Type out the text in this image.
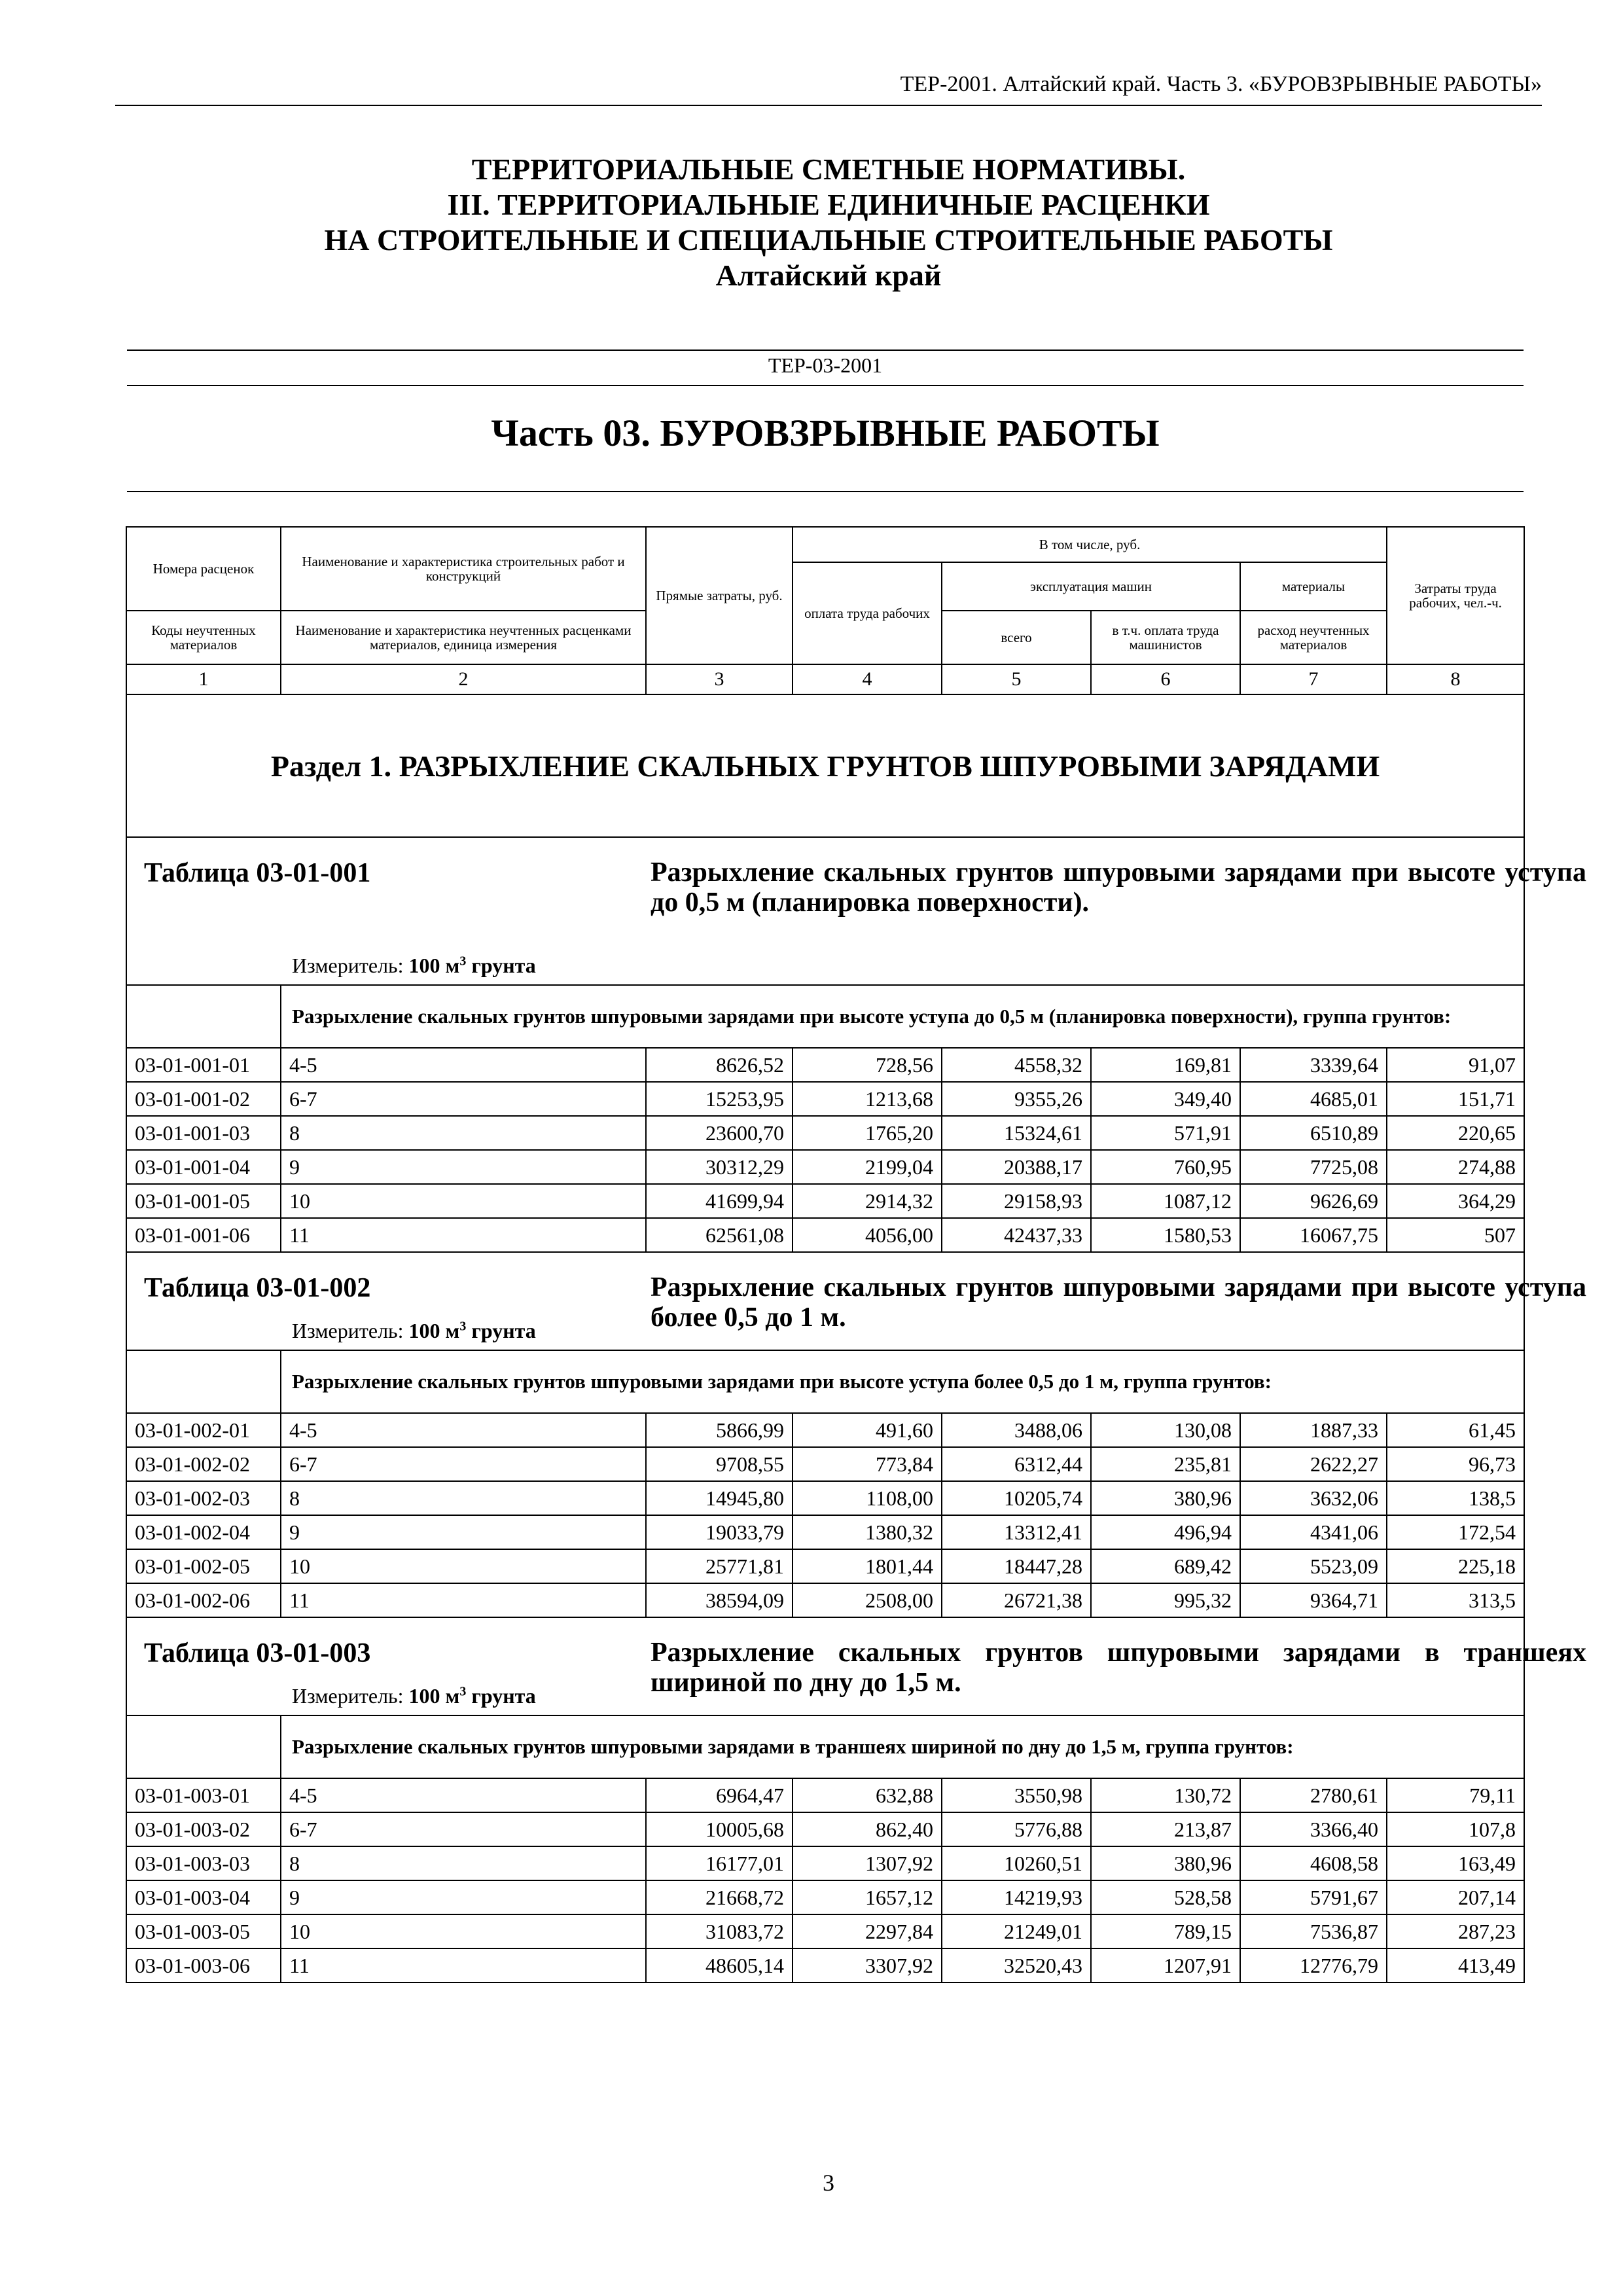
ТЕР-2001. Алтайский край. Часть 3. «БУРОВЗРЫВНЫЕ РАБОТЫ»
ТЕРРИТОРИАЛЬНЫЕ СМЕТНЫЕ НОРМАТИВЫ.
III. ТЕРРИТОРИАЛЬНЫЕ ЕДИНИЧНЫЕ РАСЦЕНКИ
НА СТРОИТЕЛЬНЫЕ И СПЕЦИАЛЬНЫЕ СТРОИТЕЛЬНЫЕ РАБОТЫ
Алтайский край
ТЕР-03-2001
Часть 03. БУРОВЗРЫВНЫЕ РАБОТЫ
Номера расценок	Наименование и характеристика строительных работ и конструкций	Прямые затраты, руб.	В том числе, руб.				Затраты труда рабочих, чел.-ч.
			оплата труда рабочих	эксплуатация машин		материалы	
Коды неучтенных материалов	Наименование и характеристика неучтенных расценками материалов, единица измерения			всего	в т.ч. оплата труда машинистов	расход неучтенных материалов	
1	2	3	4	5	6	7	8
Раздел 1. РАЗРЫХЛЕНИЕ СКАЛЬНЫХ ГРУНТОВ ШПУРОВЫМИ ЗАРЯДАМИ							

Таблица 03-01-001 Разрыхление скальных грунтов шпуровыми зарядами при высоте уступа до 0,5 м (планировка поверхности).
Измеритель: 100 $м^3$ грунта							

	Разрыхление скальных грунтов шпуровыми зарядами при высоте уступа до 0,5 м (планировка поверхности), группа грунтов:						
03-01-001-01	4-5	8626,52	728,56	4558,32	169,81	3339,64	91,07
03-01-001-02	6-7	15253,95	1213,68	9355,26	349,40	4685,01	151,71
03-01-001-03	8	23600,70	1765,20	15324,61	571,91	6510,89	220,65
03-01-001-04	9	30312,29	2199,04	20388,17	760,95	7725,08	274,88
03-01-001-05	10	41699,94	2914,32	29158,93	1087,12	9626,69	364,29
03-01-001-06	11	62561,08	4056,00	42437,33	1580,53	16067,75	507

Таблица 03-01-002 Разрыхление скальных грунтов шпуровыми зарядами при высоте уступа более 0,5 до 1 м.
Измеритель: 100 $м^3$ грунта							

	Разрыхление скальных грунтов шпуровыми зарядами при высоте уступа более 0,5 до 1 м, группа грунтов:						
03-01-002-01	4-5	5866,99	491,60	3488,06	130,08	1887,33	61,45
03-01-002-02	6-7	9708,55	773,84	6312,44	235,81	2622,27	96,73
03-01-002-03	8	14945,80	1108,00	10205,74	380,96	3632,06	138,5
03-01-002-04	9	19033,79	1380,32	13312,41	496,94	4341,06	172,54
03-01-002-05	10	25771,81	1801,44	18447,28	689,42	5523,09	225,18
03-01-002-06	11	38594,09	2508,00	26721,38	995,32	9364,71	313,5

Таблица 03-01-003 Разрыхление скальных грунтов шпуровыми зарядами в траншеях шириной по дну до 1,5 м.
Измеритель: 100 $м^3$ грунта							

	Разрыхление скальных грунтов шпуровыми зарядами в траншеях шириной по дну до 1,5 м, группа грунтов:						
03-01-003-01	4-5	6964,47	632,88	3550,98	130,72	2780,61	79,11
03-01-003-02	6-7	10005,68	862,40	5776,88	213,87	3366,40	107,8
03-01-003-03	8	16177,01	1307,92	10260,51	380,96	4608,58	163,49
03-01-003-04	9	21668,72	1657,12	14219,93	528,58	5791,67	207,14
03-01-003-05	10	31083,72	2297,84	21249,01	789,15	7536,87	287,23
03-01-003-06	11	48605,14	3307,92	32520,43	1207,91	12776,79	413,49
3
